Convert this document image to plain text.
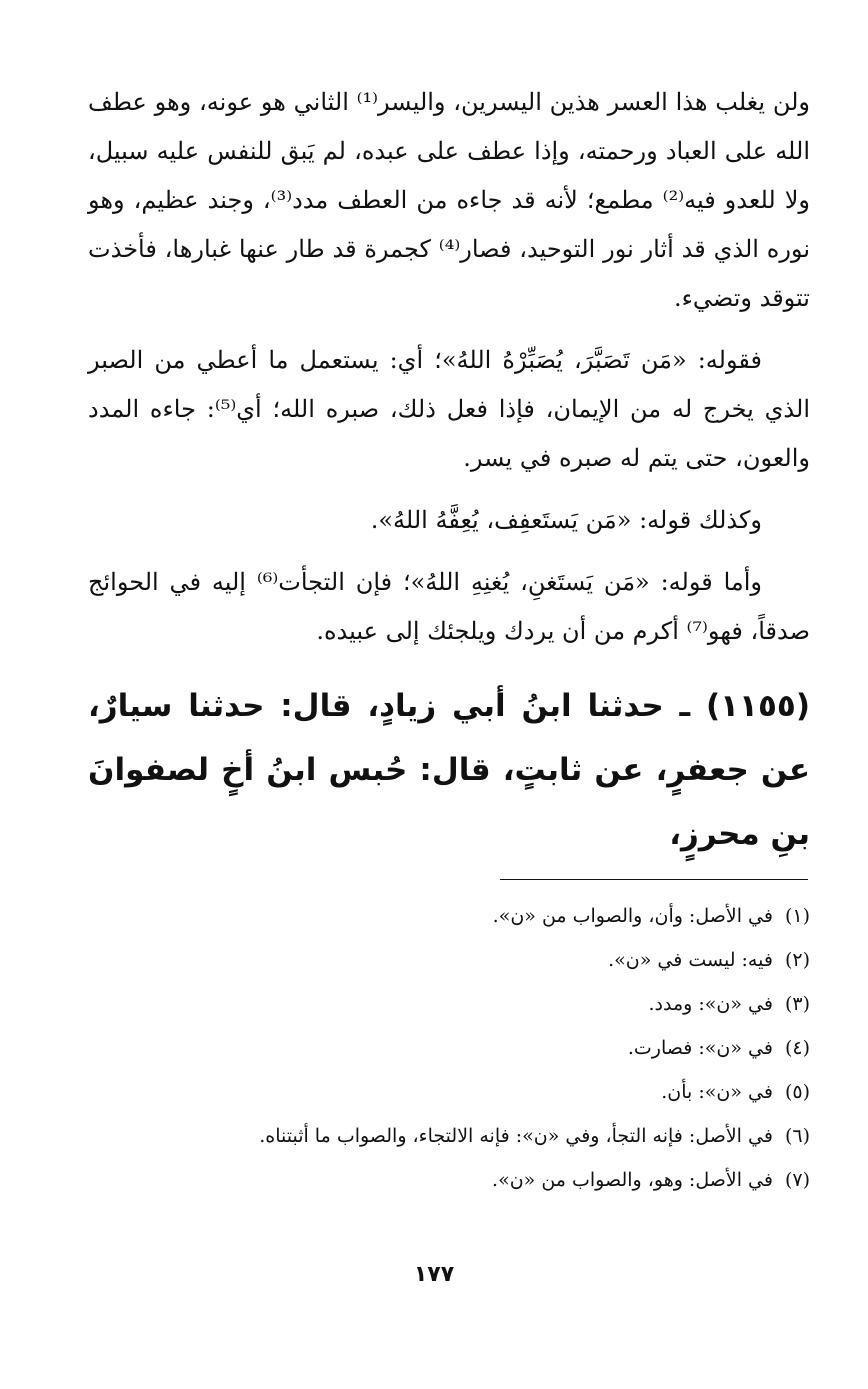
ولن يغلب هذا العسر هذين اليسرين، واليسر⁽¹⁾ الثاني هو عونه، وهو عطف الله على العباد ورحمته، وإذا عطف على عبده، لم يَبق للنفس عليه سبيل، ولا للعدو فيه⁽²⁾ مطمع؛ لأنه قد جاءه من العطف مدد⁽³⁾، وجند عظيم، وهو نوره الذي قد أثار نور التوحيد، فصار⁽⁴⁾ كجمرة قد طار عنها غبارها، فأخذت تتوقد وتضيء.

فقوله: «مَن تَصَبَّرَ، يُصَبِّرْهُ اللهُ»؛ أي: يستعمل ما أعطي من الصبر الذي يخرج له من الإيمان، فإذا فعل ذلك، صبره الله؛ أي⁽⁵⁾: جاءه المدد والعون، حتى يتم له صبره في يسر.

وكذلك قوله: «مَن يَستَعفِف، يُعِفَّهُ اللهُ».

وأما قوله: «مَن يَستَغنِ، يُغنِهِ اللهُ»؛ فإن التجأت⁽⁶⁾ إليه في الحوائج صدقاً، فهو⁽⁷⁾ أكرم من أن يردك ويلجئك إلى عبيده.

(١١٥٥) ـ حدثنا ابنُ أبي زيادٍ، قال: حدثنا سيارٌ، عن جعفرٍ، عن ثابتٍ، قال: حُبس ابنُ أخٍ لصفوانَ بنِ محرزٍ،

(١)في الأصل: وأن، والصواب من «ن».
(٢)فيه: ليست في «ن».
(٣)في «ن»: ومدد.
(٤)في «ن»: فصارت.
(٥)في «ن»: بأن.
(٦)في الأصل: فإنه التجأ، وفي «ن»: فإنه الالتجاء، والصواب ما أثبتناه.
(٧)في الأصل: وهو، والصواب من «ن».
١٧٧
